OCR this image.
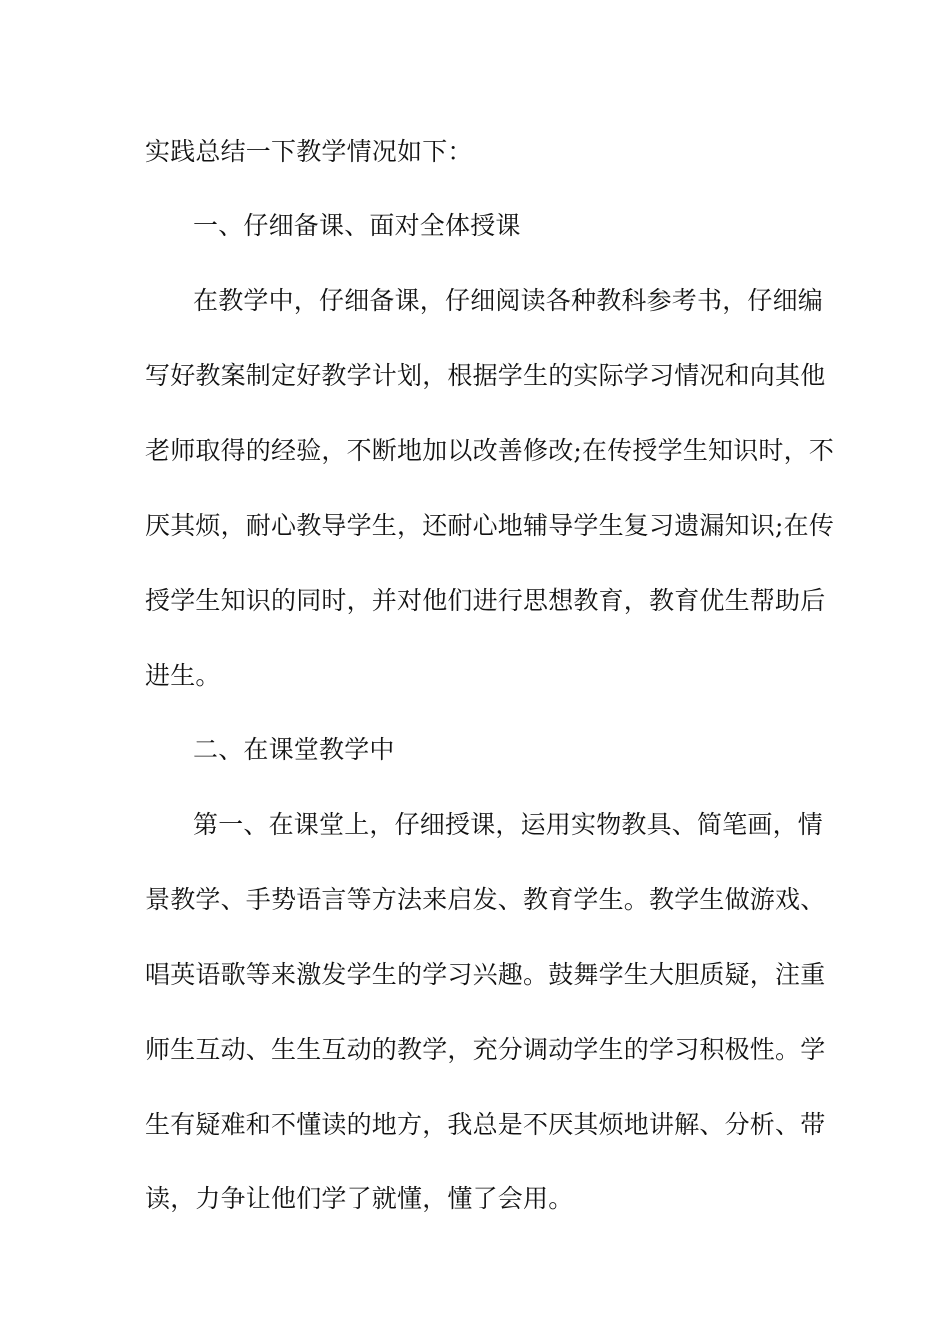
实践总结一下教学情况如下：

一、仔细备课、面对全体授课

在教学中，仔细备课，仔细阅读各种教科参考书，仔细编

写好教案制定好教学计划，根据学生的实际学习情况和向其他

老师取得的经验，不断地加以改善修改;在传授学生知识时，不

厌其烦，耐心教导学生，还耐心地辅导学生复习遗漏知识;在传

授学生知识的同时，并对他们进行思想教育，教育优生帮助后

进生。

二、在课堂教学中

第一、在课堂上，仔细授课，运用实物教具、简笔画，情

景教学、手势语言等方法来启发、教育学生。教学生做游戏、

唱英语歌等来激发学生的学习兴趣。鼓舞学生大胆质疑，注重

师生互动、生生互动的教学，充分调动学生的学习积极性。学

生有疑难和不懂读的地方，我总是不厌其烦地讲解、分析、带

读，力争让他们学了就懂，懂了会用。
